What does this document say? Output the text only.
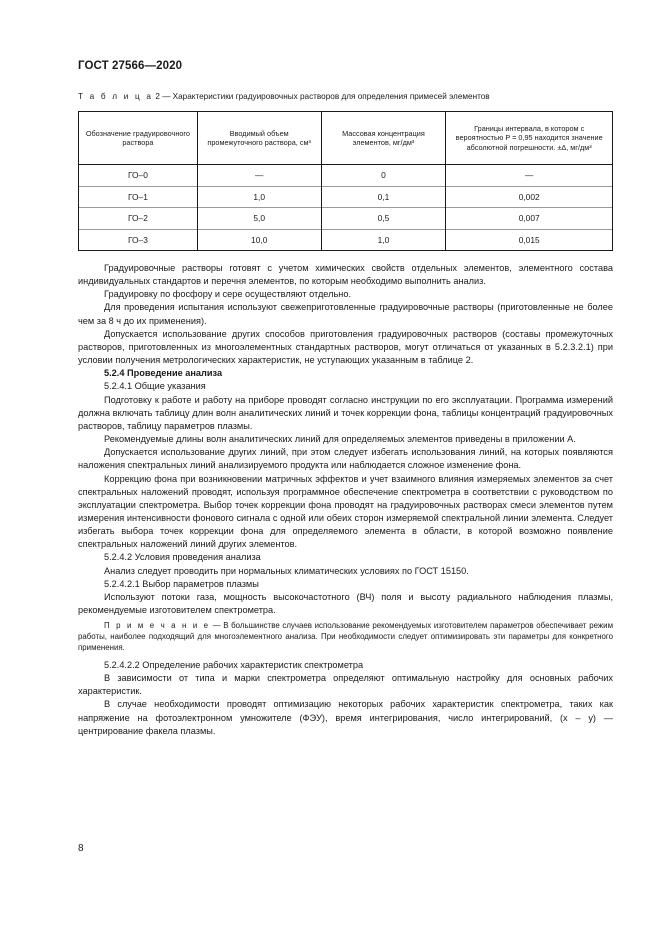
ГОСТ 27566—2020
Т а б л и ц а 2 — Характеристики градуировочных растворов для определения примесей элементов
Обозначение градуировочного раствора	Вводимый объем промежуточного раствора, см³	Массовая концентрация элементов, мг/дм³	Границы интервала, в котором с вероятностью P = 0,95 находится значение абсолютной погрешности. ±Δ, мг/дм³
ГО–0	—	0	—
ГО–1	1,0	0,1	0,002
ГО–2	5,0	0,5	0,007
ГО–3	10,0	1,0	0,015

Градуировочные растворы готовят с учетом химических свойств отдельных элементов, элементного состава индивидуальных стандартов и перечня элементов, по которым необходимо выполнить анализ.

Градуировку по фосфору и сере осуществляют отдельно.

Для проведения испытания используют свежеприготовленные градуировочные растворы (приготовленные не более чем за 8 ч до их применения).

Допускается использование других способов приготовления градуировочных растворов (составы промежуточных растворов, приготовленных из многоэлементных стандартных растворов, могут отличаться от указанных в 5.2.3.2.1) при условии получения метрологических характеристик, не уступающих указанным в таблице 2.

5.2.4 Проведение анализа

5.2.4.1 Общие указания

Подготовку к работе и работу на приборе проводят согласно инструкции по его эксплуатации. Программа измерений должна включать таблицу длин волн аналитических линий и точек коррекции фона, таблицы концентраций градуировочных растворов, таблицу параметров плазмы.

Рекомендуемые длины волн аналитических линий для определяемых элементов приведены в приложении А.

Допускается использование других линий, при этом следует избегать использования линий, на которых появляются наложения спектральных линий анализируемого продукта или наблюдается сложное изменение фона.

Коррекцию фона при возникновении матричных эффектов и учет взаимного влияния измеряемых элементов за счет спектральных наложений проводят, используя программное обеспечение спектрометра в соответствии с руководством по эксплуатации спектрометра. Выбор точек коррекции фона проводят на градуировочных растворах смеси элементов путем измерения интенсивности фонового сигнала с одной или обеих сторон измеряемой спектральной линии элемента. Следует избегать выбора точек коррекции фона для определяемого элемента в области, в которой возможно появление спектральных наложений линий других элементов.

5.2.4.2 Условия проведения анализа

Анализ следует проводить при нормальных климатических условиях по ГОСТ 15150.

5.2.4.2.1 Выбор параметров плазмы

Используют потоки газа, мощность высокочастотного (ВЧ) поля и высоту радиального наблюдения плазмы, рекомендуемые изготовителем спектрометра.

П р и м е ч а н и е — В большинстве случаев использование рекомендуемых изготовителем параметров обеспечивает режим работы, наиболее подходящий для многоэлементного анализа. При необходимости следует оптимизировать эти параметры для конкретного применения.

5.2.4.2.2 Определение рабочих характеристик спектрометра

В зависимости от типа и марки спектрометра определяют оптимальную настройку для основных рабочих характеристик.

В случае необходимости проводят оптимизацию некоторых рабочих характеристик спектрометра, таких как напряжение на фотоэлектронном умножителе (ФЭУ), время интегрирования, число интегрирований, (x – y) — центрирование факела плазмы.

8
